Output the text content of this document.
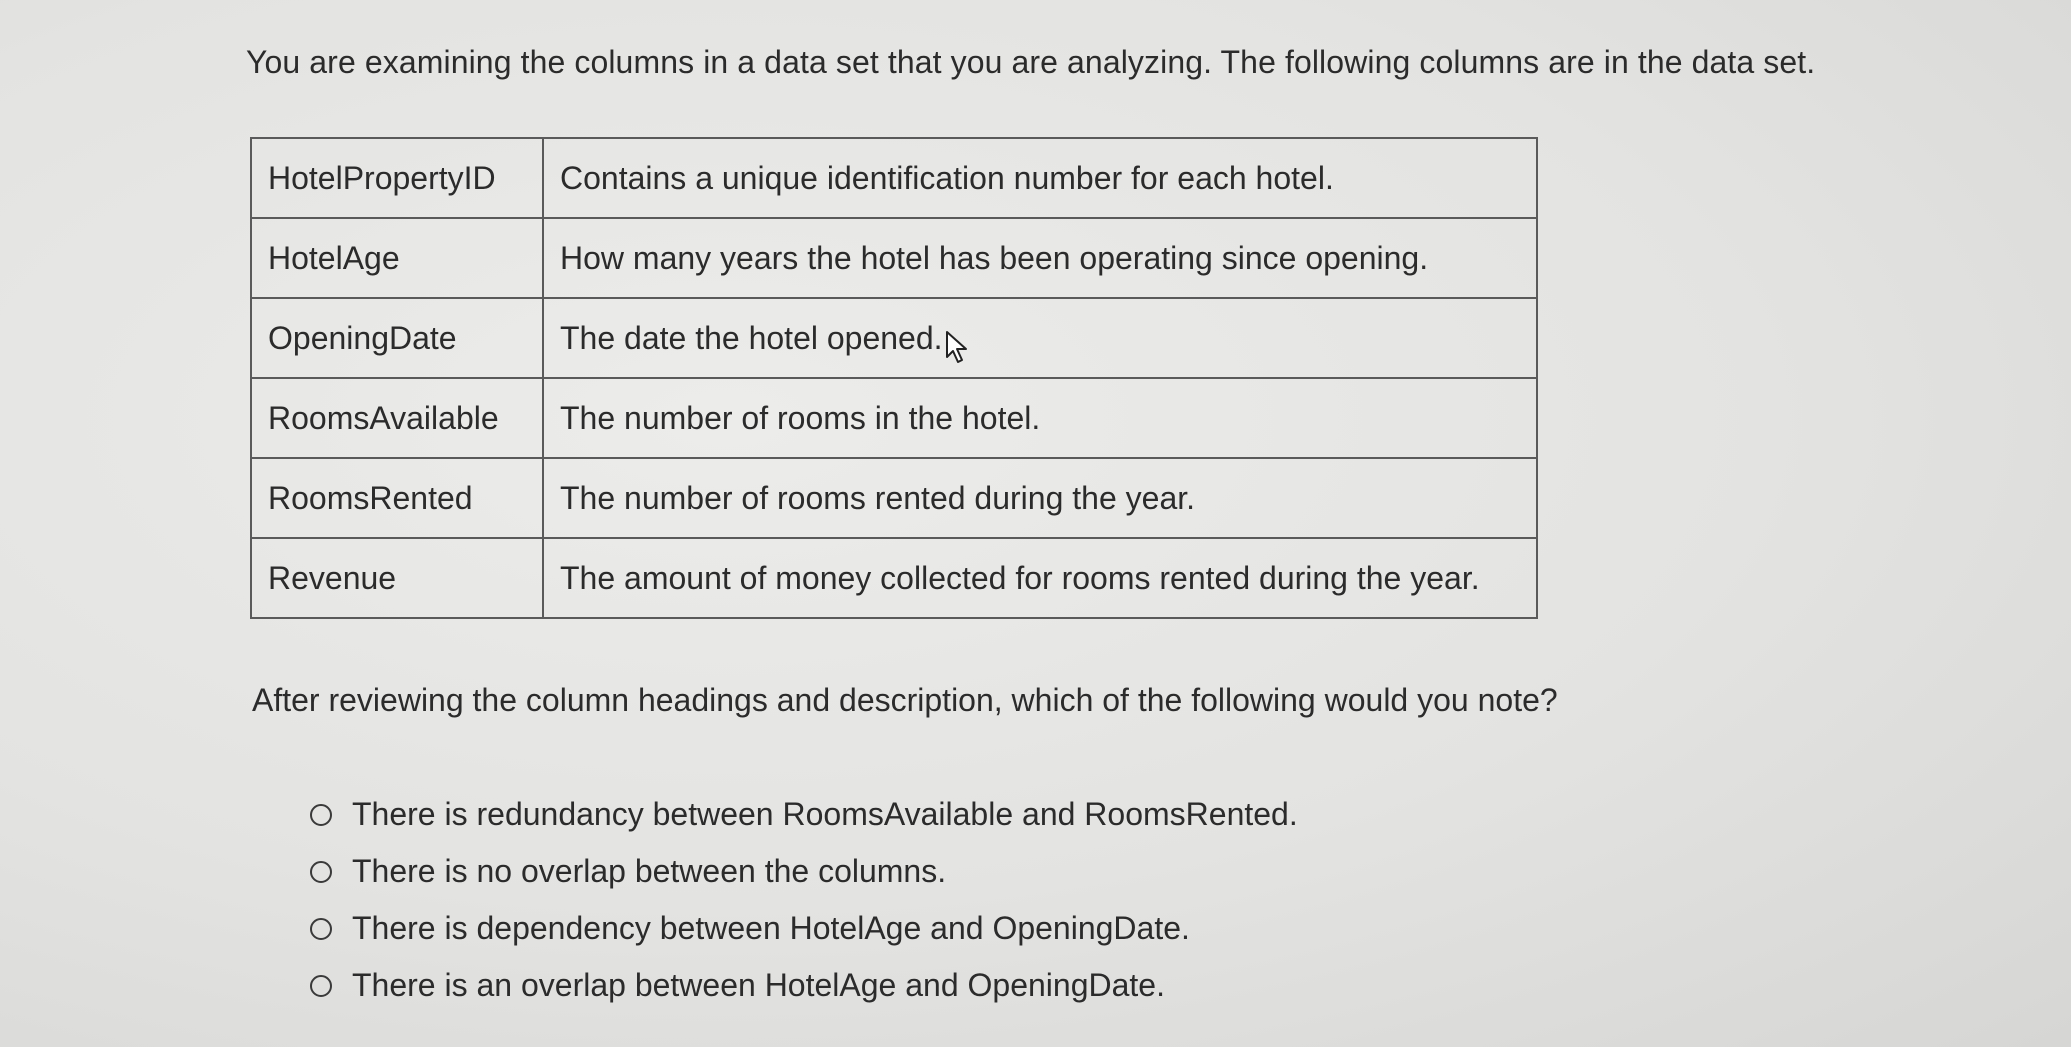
You are examining the columns in a data set that you are analyzing. The following columns are in the data set.
HotelPropertyID	Contains a unique identification number for each hotel.
HotelAge	How many years the hotel has been operating since opening.
OpeningDate	The date the hotel opened.
RoomsAvailable	The number of rooms in the hotel.
RoomsRented	The number of rooms rented during the year.
Revenue	The amount of money collected for rooms rented during the year.
After reviewing the column headings and description, which of the following would you note?
There is redundancy between RoomsAvailable and RoomsRented.
There is no overlap between the columns.
There is dependency between HotelAge and OpeningDate.
There is an overlap between HotelAge and OpeningDate.
